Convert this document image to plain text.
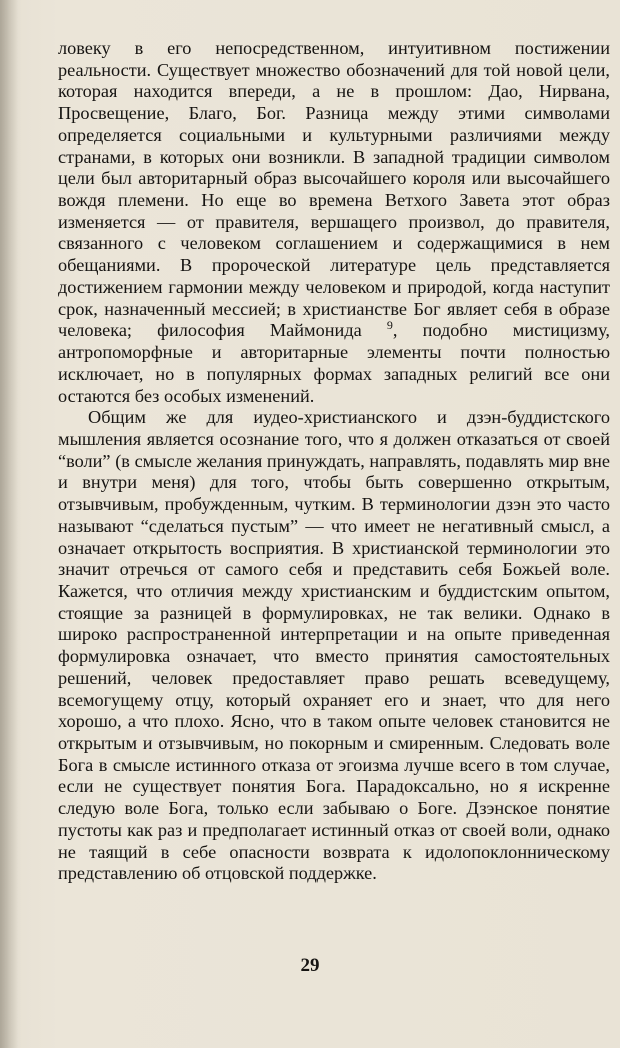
ловеку в его непосредственном, интуитивном постижении реальности. Существует множество обозначений для той новой цели, которая находится впереди, а не в прошлом: Дао, Нирвана, Просвещение, Благо, Бог. Разница между этими символами определяется социальными и культурными различиями между странами, в которых они возникли. В западной традиции символом цели был авторитарный образ высочайшего короля или высочайшего вождя племени. Но еще во времена Ветхого Завета этот образ изменяется — от правителя, вершащего произвол, до правителя, связанного с человеком соглашением и содержащимися в нем обещаниями. В пророческой литературе цель представляется достижением гармонии между человеком и природой, когда наступит срок, назначенный мессией; в христианстве Бог являет себя в образе человека; философия Маймонида $^9$, подобно мистицизму, антропоморфные и авторитарные элементы почти полностью исключает, но в популярных формах западных религий все они остаются без особых изменений.

Общим же для иудео-христианского и дзэн-буддистского мышления является осознание того, что я должен отказаться от своей “воли” (в смысле желания принуждать, направлять, подавлять мир вне и внутри меня) для того, чтобы быть совершенно открытым, отзывчивым, пробужденным, чутким. В терминологии дзэн это часто называют “сделаться пустым” — что имеет не негативный смысл, а означает открытость восприятия. В христианской терминологии это значит отречься от самого себя и представить себя Божьей воле. Кажется, что отличия между христианским и буддистским опытом, стоящие за разницей в формулировках, не так велики. Однако в широко распространенной интерпретации и на опыте приведенная формулировка означает, что вместо принятия самостоятельных решений, человек предоставляет право решать всеведущему, всемогущему отцу, который охраняет его и знает, что для него хорошо, а что плохо. Ясно, что в таком опыте человек становится не открытым и отзывчивым, но покорным и смиренным. Следовать воле Бога в смысле истинного отказа от эгоизма лучше всего в том случае, если не существует понятия Бога. Парадоксально, но я искренне следую воле Бога, только если забываю о Боге. Дзэнское понятие пустоты как раз и предполагает истинный отказ от своей воли, однако не таящий в себе опасности возврата к идолопоклонническому представлению об отцовской поддержке.

29
